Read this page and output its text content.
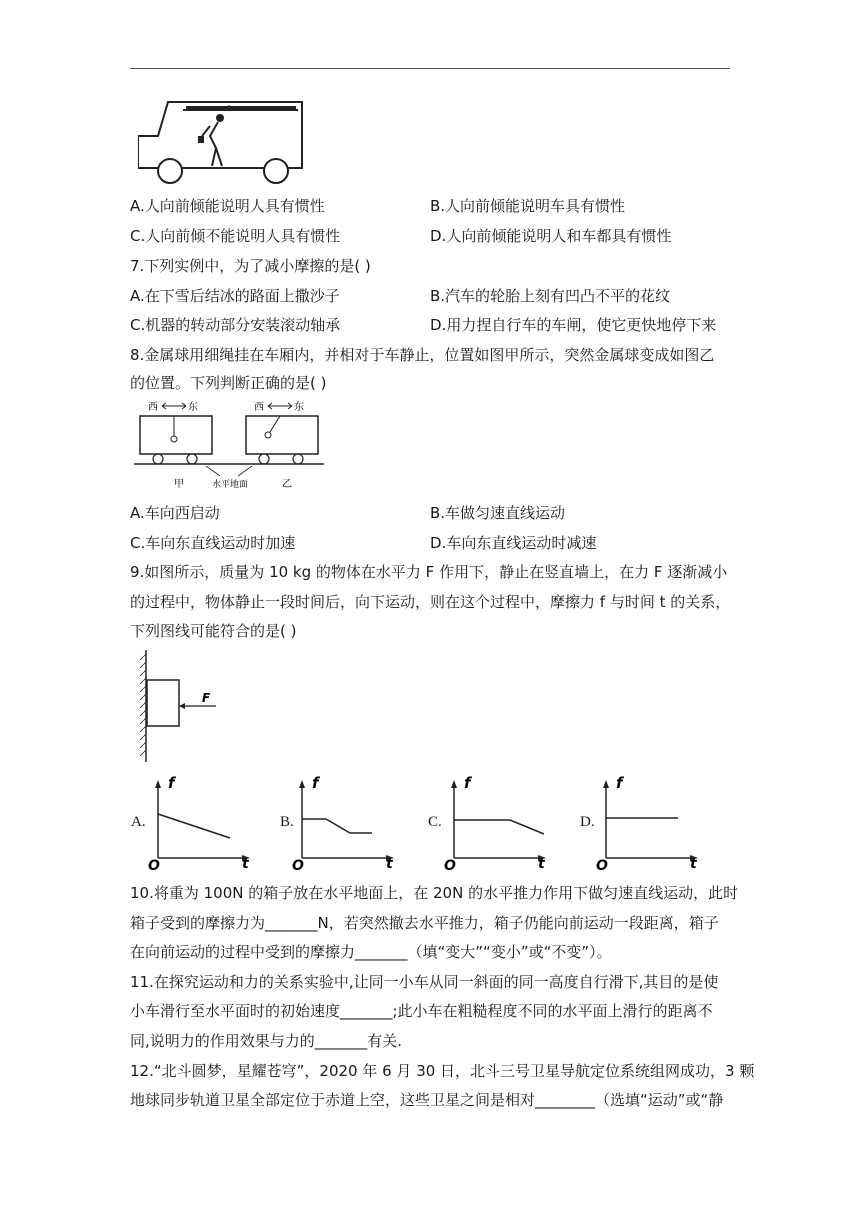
A.人向前倾能说明人具有惯性	B.人向前倾能说明车具有惯性
C.人向前倾不能说明人具有惯性	D.人向前倾能说明人和车都具有惯性
7.下列实例中，为了减小摩擦的是( )
A.在下雪后结冰的路面上撒沙子	B.汽车的轮胎上刻有凹凸不平的花纹
C.机器的转动部分安装滚动轴承	D.用力捏自行车的车闸，使它更快地停下来
8.金属球用细绳挂在车厢内，并相对于车静止，位置如图甲所示，突然金属球变成如图乙
的位置。下列判断正确的是( )
西	东	西	东
甲	水平地面	乙
A.车向西启动	B.车做匀速直线运动
C.车向东直线运动时加速	D.车向东直线运动时减速
9.如图所示，质量为 10 kg 的物体在水平力 F 作用下，静止在竖直墙上，在力 F 逐渐减小
的过程中，物体静止一段时间后，向下运动，则在这个过程中，摩擦力 f 与时间 t 的关系，
下列图线可能符合的是( )
F
A.
f
O	t
B.
f
O	t
C.
f
O	t
D.
f
O	t
10.将重为 100N 的箱子放在水平地面上，在 20N 的水平推力作用下做匀速直线运动，此时
箱子受到的摩擦力为_______N，若突然撤去水平推力，箱子仍能向前运动一段距离，箱子
在向前运动的过程中受到的摩擦力_______（填“变大”“变小”或“不变”）。
11.在探究运动和力的关系实验中,让同一小车从同一斜面的同一高度自行滑下,其目的是使
小车滑行至水平面时的初始速度_______;此小车在粗糙程度不同的水平面上滑行的距离不
同,说明力的作用效果与力的_______有关.
12.“北斗圆梦，星耀苍穹”，2020 年 6 月 30 日，北斗三号卫星导航定位系统组网成功，3 颗
地球同步轨道卫星全部定位于赤道上空，这些卫星之间是相对________（选填“运动”或“静
